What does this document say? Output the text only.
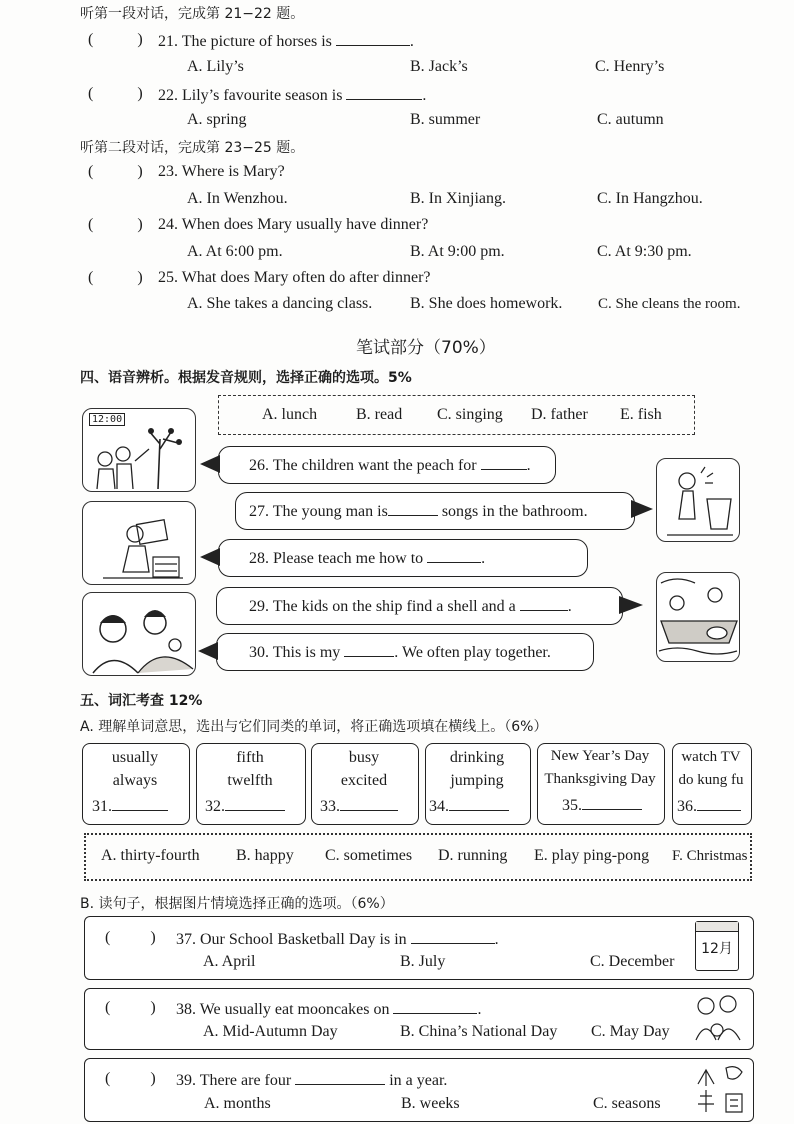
听第一段对话，完成第 21−22 题。
(	) 21. The picture of horses is	.
A. Lily’s	B. Jack’s	C. Henry’s
(	) 22. Lily’s favourite season is	.
A. spring	B. summer	C. autumn
听第二段对话，完成第 23−25 题。
(	) 23. Where is Mary?
A. In Wenzhou.	B. In Xinjiang.	C. In Hangzhou.
(	) 24. When does Mary usually have dinner?
A. At 6:00 pm.	B. At 9:00 pm.	C. At 9:30 pm.
(	) 25. What does Mary often do after dinner?
A. She takes a dancing class. B. She does homework. C. She cleans the room.
笔试部分（70%）
四、语音辨析。根据发音规则，选择正确的选项。5%
A. lunch B. read C. singing D. father E. fish
12:00
26. The children want the peach for	.
27. The young man is	songs in the bathroom.
28. Please teach me how to	.
29. The kids on the ship find a shell and a	.
30. This is my	. We often play together.
五、词汇考查 12%
A. 理解单词意思，选出与它们同类的单词，将正确选项填在横线上。（6%）
usually
always
31.
fifth
twelfth
32.
busy
excited
33.
drinking
jumping
34.
New Year’s Day
Thanksgiving Day
35.
watch TV
do kung fu
36.
A. thirty-fourth B. happy C. sometimes D. running E. play ping-pong F. Christmas
B. 读句子，根据图片情境选择正确的选项。（6%）
(	) 37. Our School Basketball Day is in	.
A. April	B. July	C. December
12月
(	) 38. We usually eat mooncakes on	.
A. Mid-Autumn Day	B. China’s National Day C. May Day
(	) 39. There are four	in a year.
A. months	B. weeks	C. seasons
